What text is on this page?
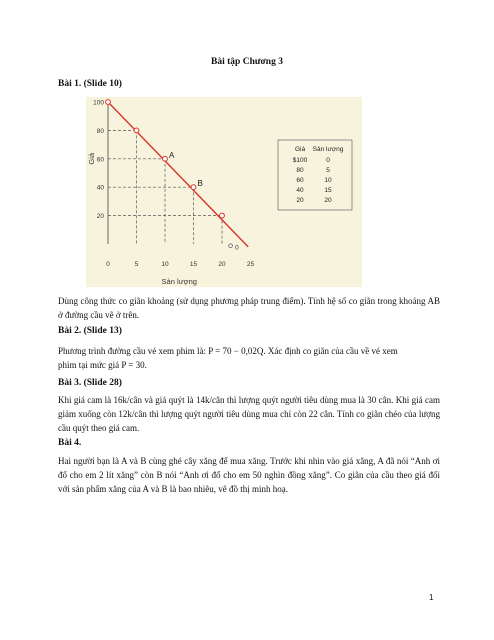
Bài tập Chương 3
Bài 1. (Slide 10)
100
80
60
40
20
0	5	10	15	20	25
Sản lượng
Giá	A
B
0
Giá Sản lượng
$100	0
80	5
60	10
40	15
20	20
Dùng công thức co giãn khoảng (sử dụng phương pháp trung điểm). Tính hệ số co giãn trong khoảng AB ở đường cầu vẽ ở trên.
Bài 2. (Slide 13)
Phương trình đường cầu vé xem phim là: P = 70 − 0,02Q. Xác định co giãn của cầu về vé xem
phim tại mức giá P = 30.
Bài 3. (Slide 28)
Khi giá cam là 16k/cân và giá quýt là 14k/cân thì lượng quýt người tiêu dùng mua là 30 cân. Khi giá cam giảm xuống còn 12k/cân thì lượng quýt người tiêu dùng mua chỉ còn 22 cân. Tính co giãn chéo của lượng cầu quýt theo giá cam.
Bài 4.
Hai người bạn là A và B cùng ghé cây xăng để mua xăng. Trước khi nhìn vào giá xăng, A đã nói “Anh ơi đổ cho em 2 lít xăng” còn B nói “Anh ơi đổ cho em 50 nghìn đồng xăng”. Co giãn của cầu theo giá đối với sản phẩm xăng của A và B là bao nhiêu, vẽ đồ thị minh hoạ.
1
